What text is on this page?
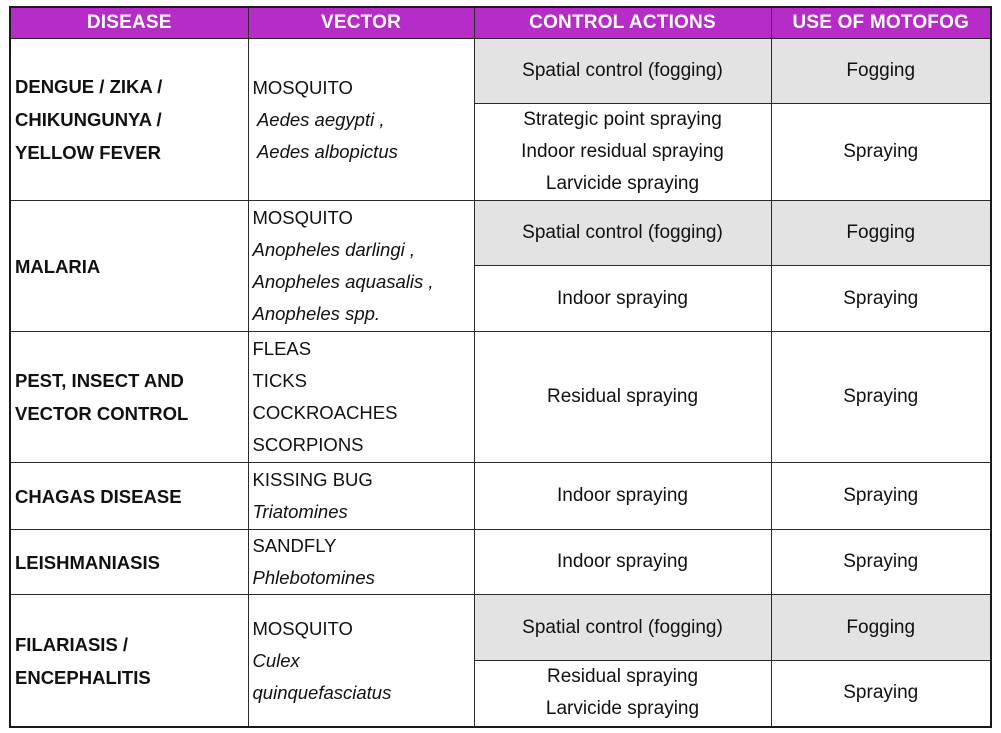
DISEASE	VECTOR	CONTROL ACTIONS	USE OF MOTOFOG

DENGUE / ZIKA /
CHIKUNGUNYA /
YELLOW FEVER	MOSQUITO
Aedes aegypti ,
Aedes albopictus	Spatial control (fogging)	Fogging

		Strategic point spraying
Indoor residual spraying
Larvicide spraying	Spraying

MALARIA	MOSQUITO
Anopheles darlingi ,
Anopheles aquasalis ,
Anopheles spp.	Spatial control (fogging)	Fogging

		Indoor spraying	Spraying

PEST, INSECT AND
VECTOR CONTROL	FLEAS
TICKS
COCKROACHES
SCORPIONS	Residual spraying	Spraying

CHAGAS DISEASE	KISSING BUG
Triatomines	Indoor spraying	Spraying

LEISHMANIASIS	SANDFLY
Phlebotomines	Indoor spraying	Spraying

FILARIASIS /
ENCEPHALITIS	MOSQUITO
Culex
quinquefasciatus	Spatial control (fogging)	Fogging

		Residual spraying
Larvicide spraying	Spraying
